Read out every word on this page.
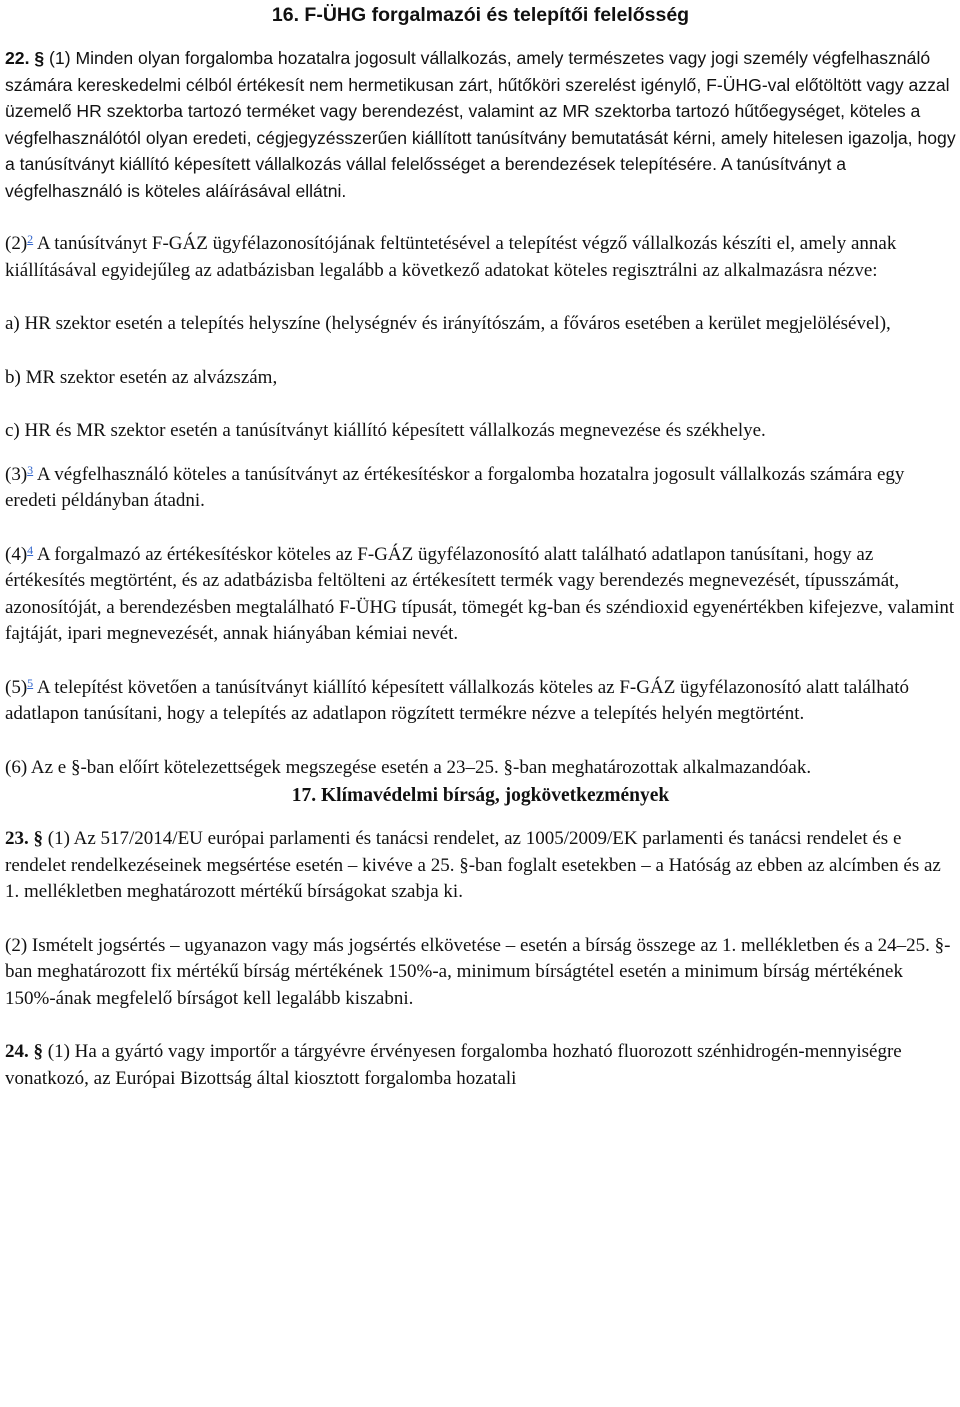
16. F-ÜHG forgalmazói és telepítői felelősség

22. § (1) Minden olyan forgalomba hozatalra jogosult vállalkozás, amely természetes vagy jogi személy végfelhasználó számára kereskedelmi célból értékesít nem hermetikusan zárt, hűtőköri szerelést igénylő, F-ÜHG-val előtöltött vagy azzal üzemelő HR szektorba tartozó terméket vagy berendezést, valamint az MR szektorba tartozó hűtőegységet, köteles a végfelhasználótól olyan eredeti, cégjegyzésszerűen kiállított tanúsítvány bemutatását kérni, amely hitelesen igazolja, hogy a tanúsítványt kiállító képesített vállalkozás vállal felelősséget a berendezések telepítésére. A tanúsítványt a végfelhasználó is köteles aláírásával ellátni.

(2)$^2$ A tanúsítványt F-GÁZ ügyfélazonosítójának feltüntetésével a telepítést végző vállalkozás készíti el, amely annak kiállításával egyidejűleg az adatbázisban legalább a következő adatokat köteles regisztrálni az alkalmazásra nézve:

a) HR szektor esetén a telepítés helyszíne (helységnév és irányítószám, a főváros esetében a kerület megjelölésével),

b) MR szektor esetén az alvázszám,

c) HR és MR szektor esetén a tanúsítványt kiállító képesített vállalkozás megnevezése és székhelye.

(3)$^3$ A végfelhasználó köteles a tanúsítványt az értékesítéskor a forgalomba hozatalra jogosult vállalkozás számára egy eredeti példányban átadni.

(4)$^4$ A forgalmazó az értékesítéskor köteles az F-GÁZ ügyfélazonosító alatt található adatlapon tanúsítani, hogy az értékesítés megtörtént, és az adatbázisba feltölteni az értékesített termék vagy berendezés megnevezését, típusszámát, azonosítóját, a berendezésben megtalálható F-ÜHG típusát, tömegét kg-ban és széndioxid egyenértékben kifejezve, valamint fajtáját, ipari megnevezését, annak hiányában kémiai nevét.

(5)$^5$ A telepítést követően a tanúsítványt kiállító képesített vállalkozás köteles az F-GÁZ ügyfélazonosító alatt található adatlapon tanúsítani, hogy a telepítés az adatlapon rögzített termékre nézve a telepítés helyén megtörtént.

(6) Az e §-ban előírt kötelezettségek megszegése esetén a 23–25. §-ban meghatározottak alkalmazandóak.

17. Klímavédelmi bírság, jogkövetkezmények

23. § (1) Az 517/2014/EU európai parlamenti és tanácsi rendelet, az 1005/2009/EK parlamenti és tanácsi rendelet és e rendelet rendelkezéseinek megsértése esetén – kivéve a 25. §-ban foglalt esetekben – a Hatóság az ebben az alcímben és az 1. mellékletben meghatározott mértékű bírságokat szabja ki.

(2) Ismételt jogsértés – ugyanazon vagy más jogsértés elkövetése – esetén a bírság összege az 1. mellékletben és a 24–25. §-ban meghatározott fix mértékű bírság mértékének 150%-a, minimum bírságtétel esetén a minimum bírság mértékének 150%-ának megfelelő bírságot kell legalább kiszabni.

24. § (1) Ha a gyártó vagy importőr a tárgyévre érvényesen forgalomba hozható fluorozott szénhidrogén-mennyiségre vonatkozó, az Európai Bizottság által kiosztott forgalomba hozatali
